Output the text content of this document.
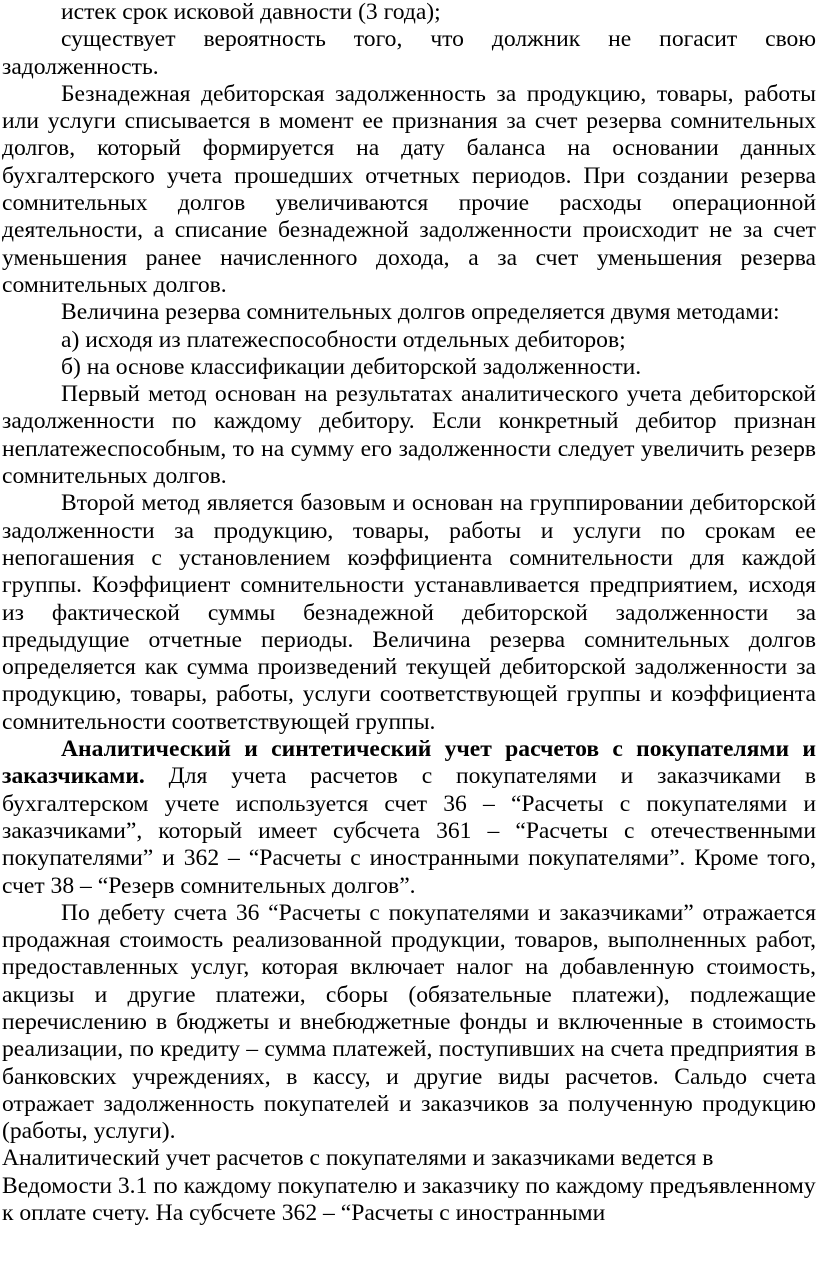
истек срок исковой давности (3 года);

существует вероятность того, что должник не погасит свою задолженность.

Безнадежная дебиторская задолженность за продукцию, товары, работы или услуги списывается в момент ее признания за счет резерва сомнительных долгов, который формируется на дату баланса на основании данных бухгалтерского учета прошедших отчетных периодов. При создании резерва сомнительных долгов увеличиваются прочие расходы операционной деятельности, а списание безнадежной задолженности происходит не за счет уменьшения ранее начисленного дохода, а за счет уменьшения резерва сомнительных долгов.

Величина резерва сомнительных долгов определяется двумя методами:

а) исходя из платежеспособности отдельных дебиторов;

б) на основе классификации дебиторской задолженности.

Первый метод основан на результатах аналитического учета дебиторской задолженности по каждому дебитору. Если конкретный дебитор признан неплатежеспособным, то на сумму его задолженности следует увеличить резерв сомнительных долгов.

Второй метод является базовым и основан на группировании дебиторской задолженности за продукцию, товары, работы и услуги по срокам ее непогашения с установлением коэффициента сомнительности для каждой группы. Коэффициент сомнительности устанавливается предприятием, исходя из фактической суммы безнадежной дебиторской задолженности за предыдущие отчетные периоды. Величина резерва сомнительных долгов определяется как сумма произведений текущей дебиторской задолженности за продукцию, товары, работы, услуги соответствующей группы и коэффициента сомнительности соответствующей группы.

Аналитический и синтетический учет расчетов с покупателями и заказчиками. Для учета расчетов с покупателями и заказчиками в бухгалтерском учете используется счет 36 – “Расчеты с покупателями и заказчиками”, который имеет субсчета 361 – “Расчеты с отечественными покупателями” и 362 – “Расчеты с иностранными покупателями”. Кроме того, счет 38 – “Резерв сомнительных долгов”.

По дебету счета 36 “Расчеты с покупателями и заказчиками” отражается продажная стоимость реализованной продукции, товаров, выполненных работ, предоставленных услуг, которая включает налог на добавленную стоимость, акцизы и другие платежи, сборы (обязательные платежи), подлежащие перечислению в бюджеты и внебюджетные фонды и включенные в стоимость реализации, по кредиту – сумма платежей, поступивших на счета предприятия в банковских учреждениях, в кассу, и другие виды расчетов. Сальдо счета отражает задолженность покупателей и заказчиков за полученную продукцию (работы, услуги).

Аналитический учет расчетов с покупателями и заказчиками ведется в Ведомости 3.1 по каждому покупателю и заказчику по каждому предъявленному к оплате счету. На субсчете 362 – “Расчеты с иностранными
